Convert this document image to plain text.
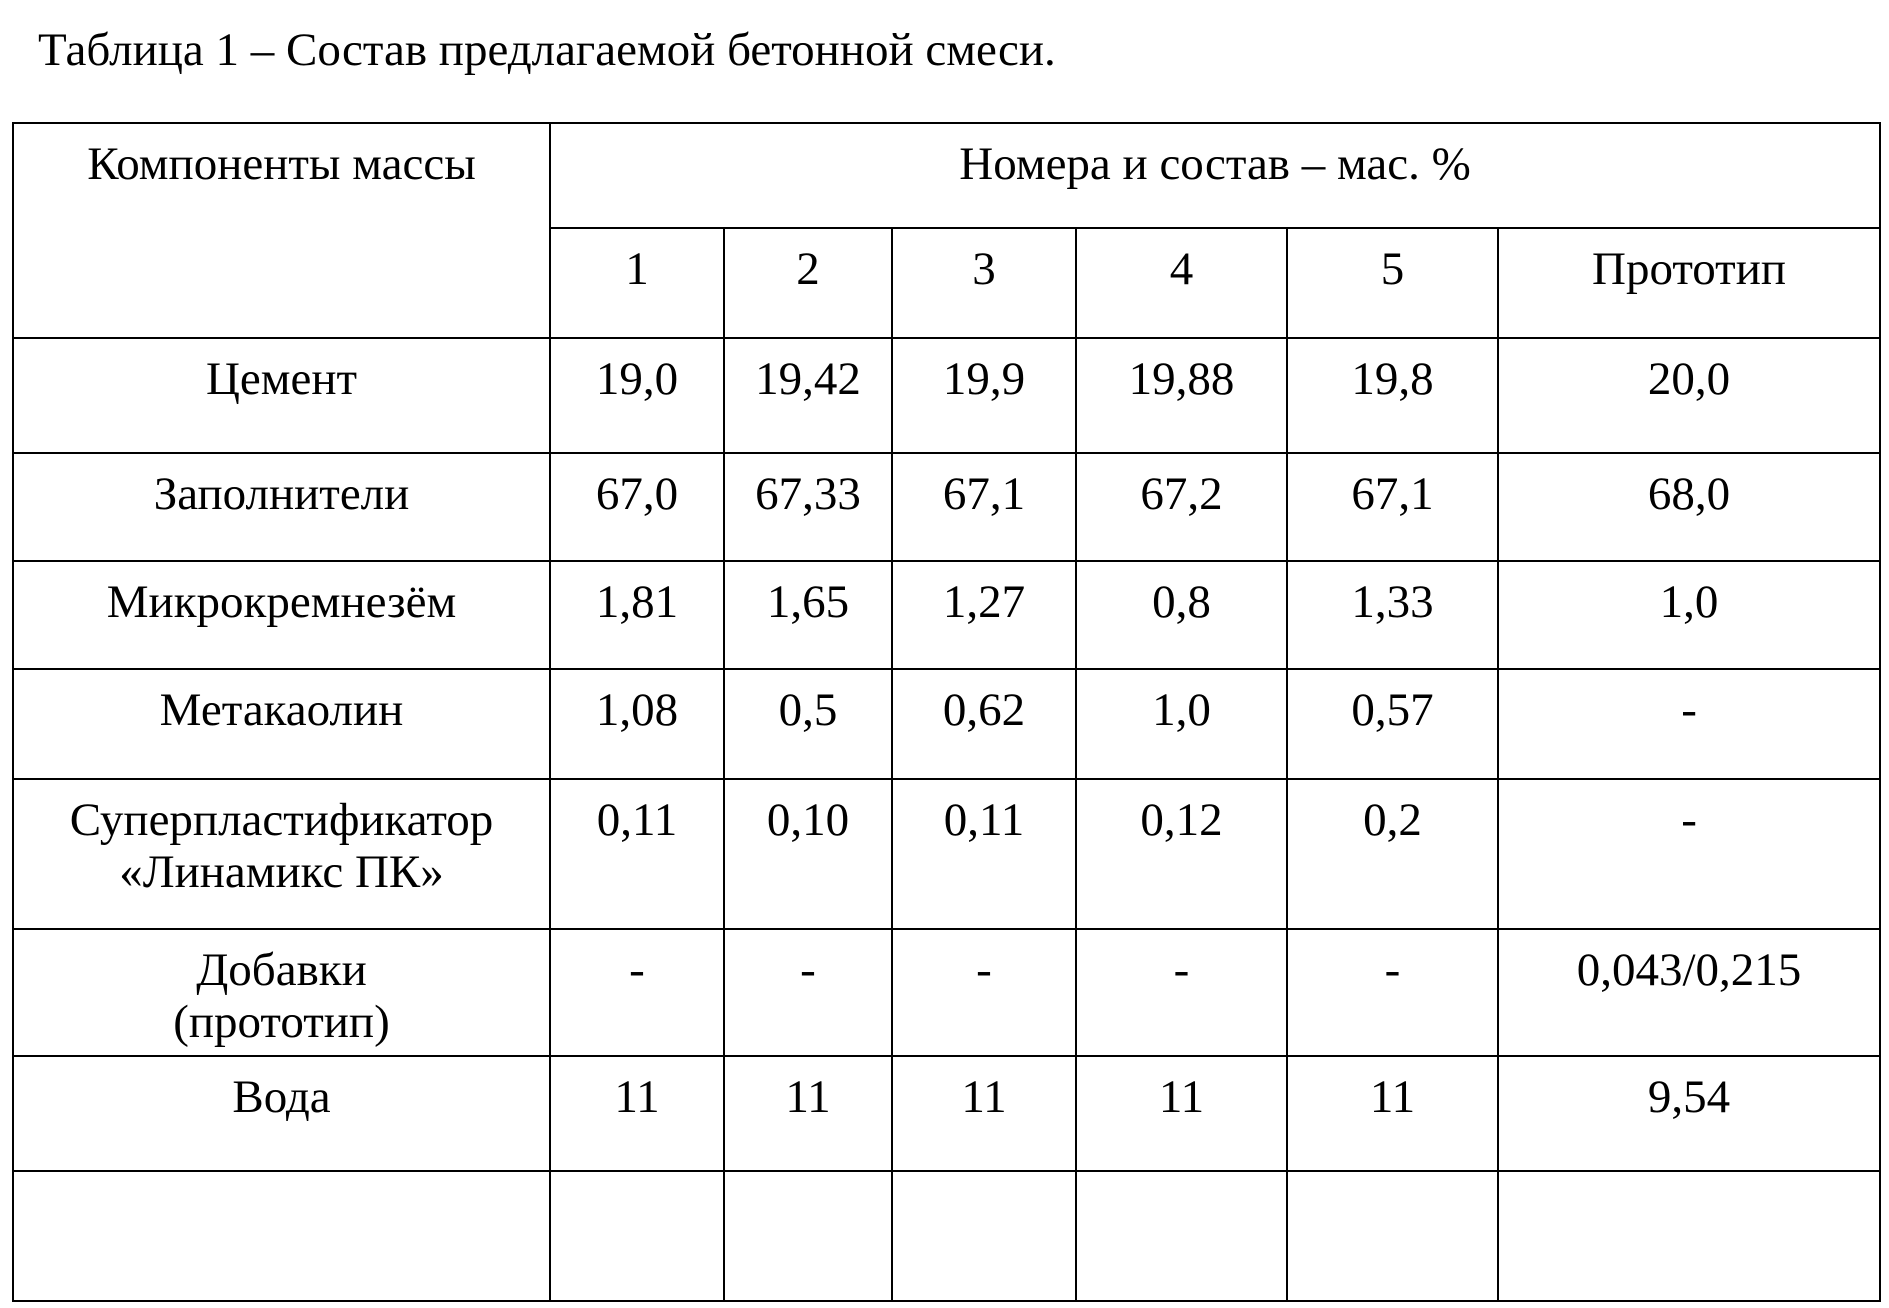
Таблица 1 – Состав предлагаемой бетонной смеси.
Компоненты массы	Номера и состав – мас. %					
	1	2	3	4	5	Прототип
Цемент	19,0	19,42	19,9	19,88	19,8	20,0
Заполнители	67,0	67,33	67,1	67,2	67,1	68,0
Микрокремнезём	1,81	1,65	1,27	0,8	1,33	1,0
Метакаолин	1,08	0,5	0,62	1,0	0,57	-

Суперпластификатор
«Линамикс ПК»	0,11	0,10	0,11	0,12	0,2	-

Добавки
(прототип)	-	-	-	-	-	0,043/0,215
Вода	11	11	11	11	11	9,54
